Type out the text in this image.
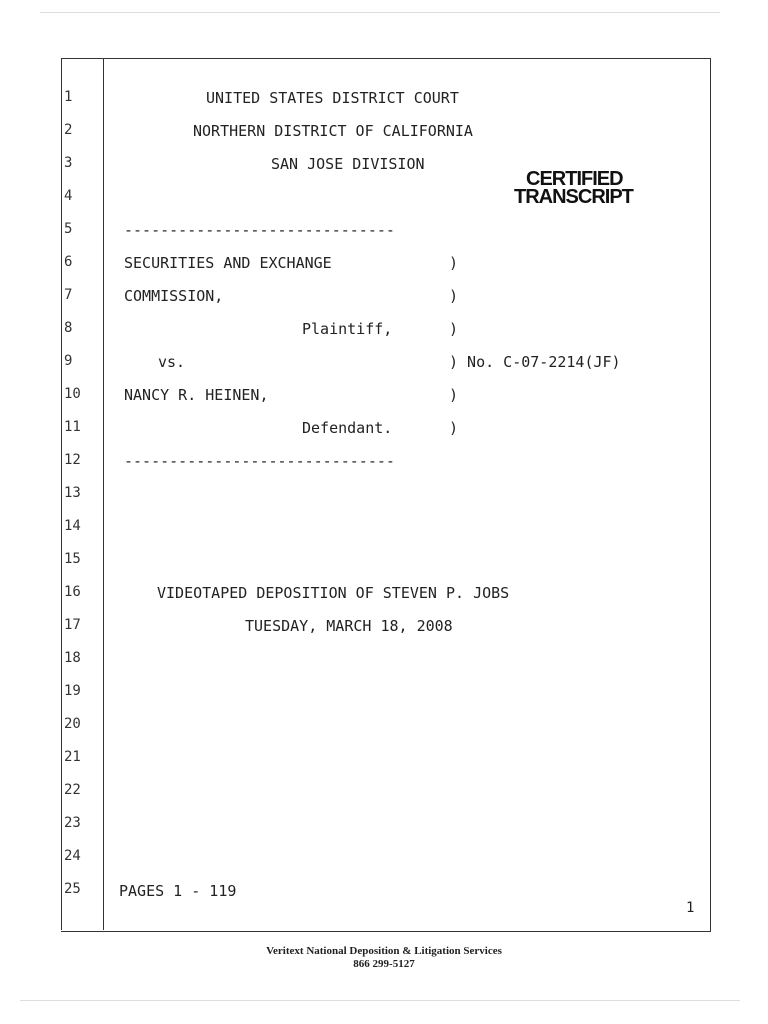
1
2
3
4
5
6
7
8
9
10
11
12
13
14
15
16
17
18
19
20
21
22
23
24
25
UNITED STATES DISTRICT COURT
NORTHERN DISTRICT OF CALIFORNIA
SAN JOSE DIVISION
CERTIFIED
TRANSCRIPT
------------------------------
SECURITIES AND EXCHANGE	)
COMMISSION,	)
Plaintiff,	)
vs.	) No. C-07-2214(JF)
NANCY R. HEINEN,	)
Defendant.	)
------------------------------
VIDEOTAPED DEPOSITION OF STEVEN P. JOBS
TUESDAY, MARCH 18, 2008
PAGES 1 - 119
1
Veritext National Deposition & Litigation Services
866 299-5127
